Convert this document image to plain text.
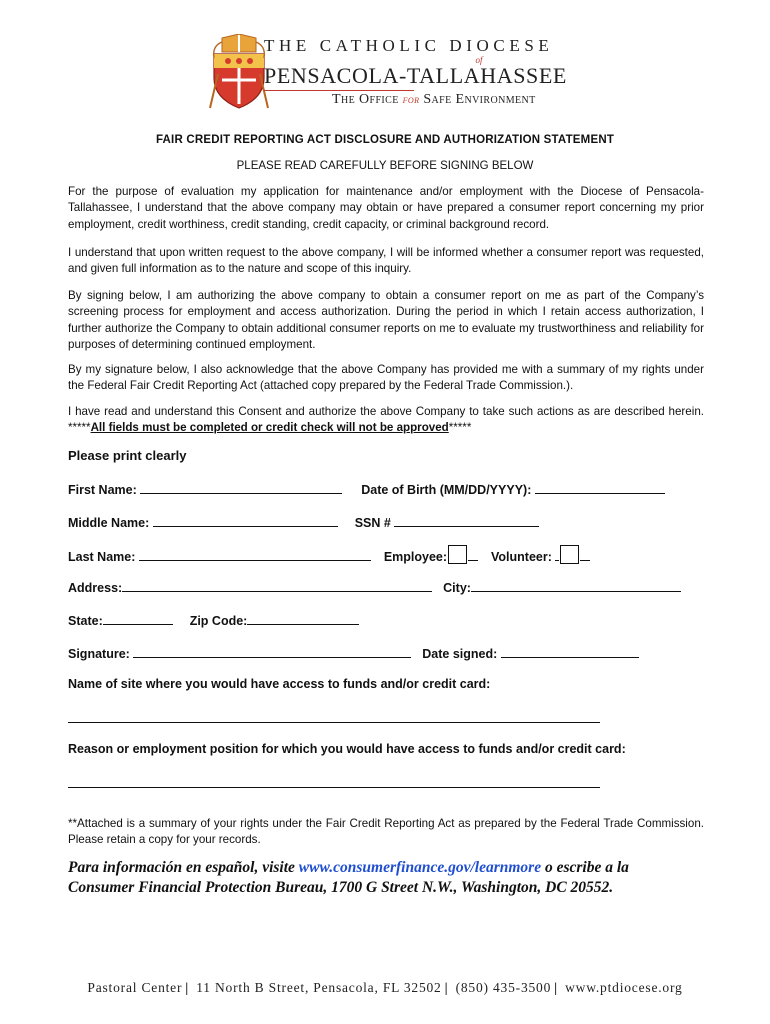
THE CATHOLIC DIOCESE
of
PENSACOLA-TALLAHASSEE
The Office for Safe Environment
FAIR CREDIT REPORTING ACT DISCLOSURE AND AUTHORIZATION STATEMENT
PLEASE READ CAREFULLY BEFORE SIGNING BELOW
For the purpose of evaluation my application for maintenance and/or employment with the Diocese of Pensacola-Tallahassee, I understand that the above company may obtain or have prepared a consumer report concerning my prior employment, credit worthiness, credit standing, credit capacity, or criminal background record.
I understand that upon written request to the above company, I will be informed whether a consumer report was requested, and given full information as to the nature and scope of this inquiry.
By signing below, I am authorizing the above company to obtain a consumer report on me as part of the Company’s screening process for employment and access authorization. During the period in which I retain access authorization, I further authorize the Company to obtain additional consumer reports on me to evaluate my trustworthiness and reliability for purposes of determining continued employment.
By my signature below, I also acknowledge that the above Company has provided me with a summary of my rights under the Federal Fair Credit Reporting Act (attached copy prepared by the Federal Trade Commission.).
I have read and understand this Consent and authorize the above Company to take such actions as are described herein. *****All fields must be completed or credit check will not be approved*****
Please print clearly
First Name:	Date of Birth (MM/DD/YYYY):
Middle Name:	SSN #
Last Name:	Employee:	Volunteer:
Address:	City:
State:	Zip Code:
Signature:	Date signed:
Name of site where you would have access to funds and/or credit card:
Reason or employment position for which you would have access to funds and/or credit card:
**Attached is a summary of your rights under the Fair Credit Reporting Act as prepared by the Federal Trade Commission. Please retain a copy for your records.
Para información en español, visite www.consumerfinance.gov/learnmore o escribe a la
Consumer Financial Protection Bureau, 1700 G Street N.W., Washington, DC 20552.
Pastoral Center | 11 North B Street, Pensacola, FL 32502 | (850) 435-3500 | www.ptdiocese.org
